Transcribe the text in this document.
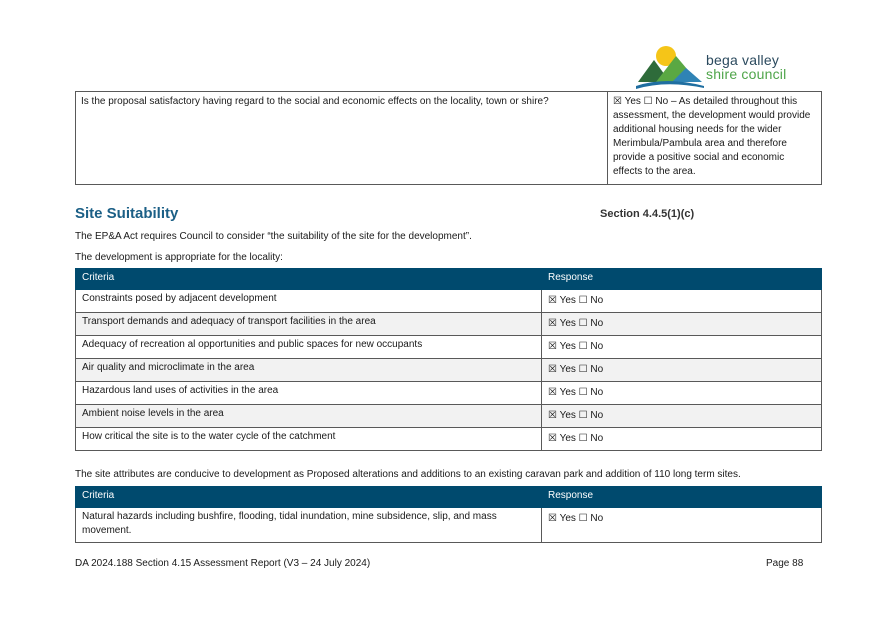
bega valley
shire council
Is the proposal satisfactory having regard to the social and economic effects on the locality, town or shire?	☒ Yes ☐ No – As detailed throughout this assessment, the development would provide additional housing needs for the wider Merimbula/Pambula area and therefore provide a positive social and economic effects to the area.
Site Suitability	Section 4.4.5(1)(c)
The EP&A Act requires Council to consider “the suitability of the site for the development”.
The development is appropriate for the locality:
Criteria	Response
Constraints posed by adjacent development	☒ Yes ☐ No
Transport demands and adequacy of transport facilities in the area	☒ Yes ☐ No
Adequacy of recreation al opportunities and public spaces for new occupants	☒ Yes ☐ No
Air quality and microclimate in the area	☒ Yes ☐ No
Hazardous land uses of activities in the area	☒ Yes ☐ No
Ambient noise levels in the area	☒ Yes ☐ No
How critical the site is to the water cycle of the catchment	☒ Yes ☐ No
The site attributes are conducive to development as Proposed alterations and additions to an existing caravan park and addition of 110 long term sites.
Criteria	Response
Natural hazards including bushfire, flooding, tidal inundation, mine subsidence, slip, and mass movement.	☒ Yes ☐ No
DA 2024.188 Section 4.15 Assessment Report (V3 – 24 July 2024)	Page 88
